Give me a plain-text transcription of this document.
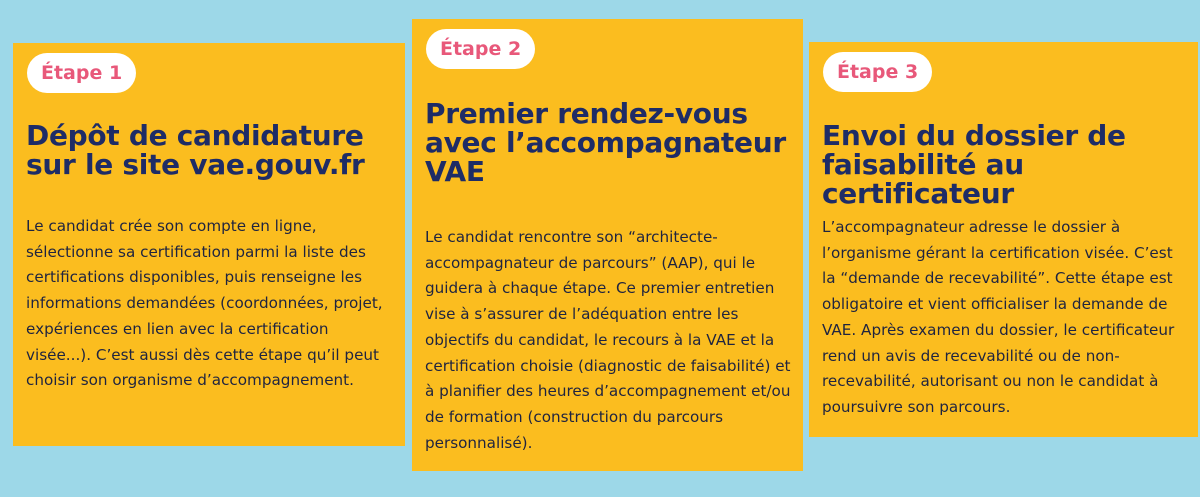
Étape 1
Dépôt de candidature sur le site vae.gouv.fr

Le candidat crée son compte en ligne, sélectionne sa certification parmi la liste des certifications disponibles, puis renseigne les informations demandées (coordonnées, projet, expériences en lien avec la certification visée...). C’est aussi dès cette étape qu’il peut choisir son organisme d’accompagnement.

Étape 2
Premier rendez-vous avec l’accompagnateur VAE

Le candidat rencontre son “architecte-accompagnateur de parcours” (AAP), qui le guidera à chaque étape. Ce premier entretien vise à s’assurer de l’adéquation entre les objectifs du candidat, le recours à la VAE et la certification choisie (diagnostic de faisabilité) et à planifier des heures d’accompagnement et/ou de formation (construction du parcours personnalisé).

Étape 3
Envoi du dossier de faisabilité au certificateur

L’accompagnateur adresse le dossier à l’organisme gérant la certification visée. C’est la “demande de recevabilité”. Cette étape est obligatoire et vient officialiser la demande de VAE. Après examen du dossier, le certificateur rend un avis de recevabilité ou de non-recevabilité, autorisant ou non le candidat à poursuivre son parcours.
